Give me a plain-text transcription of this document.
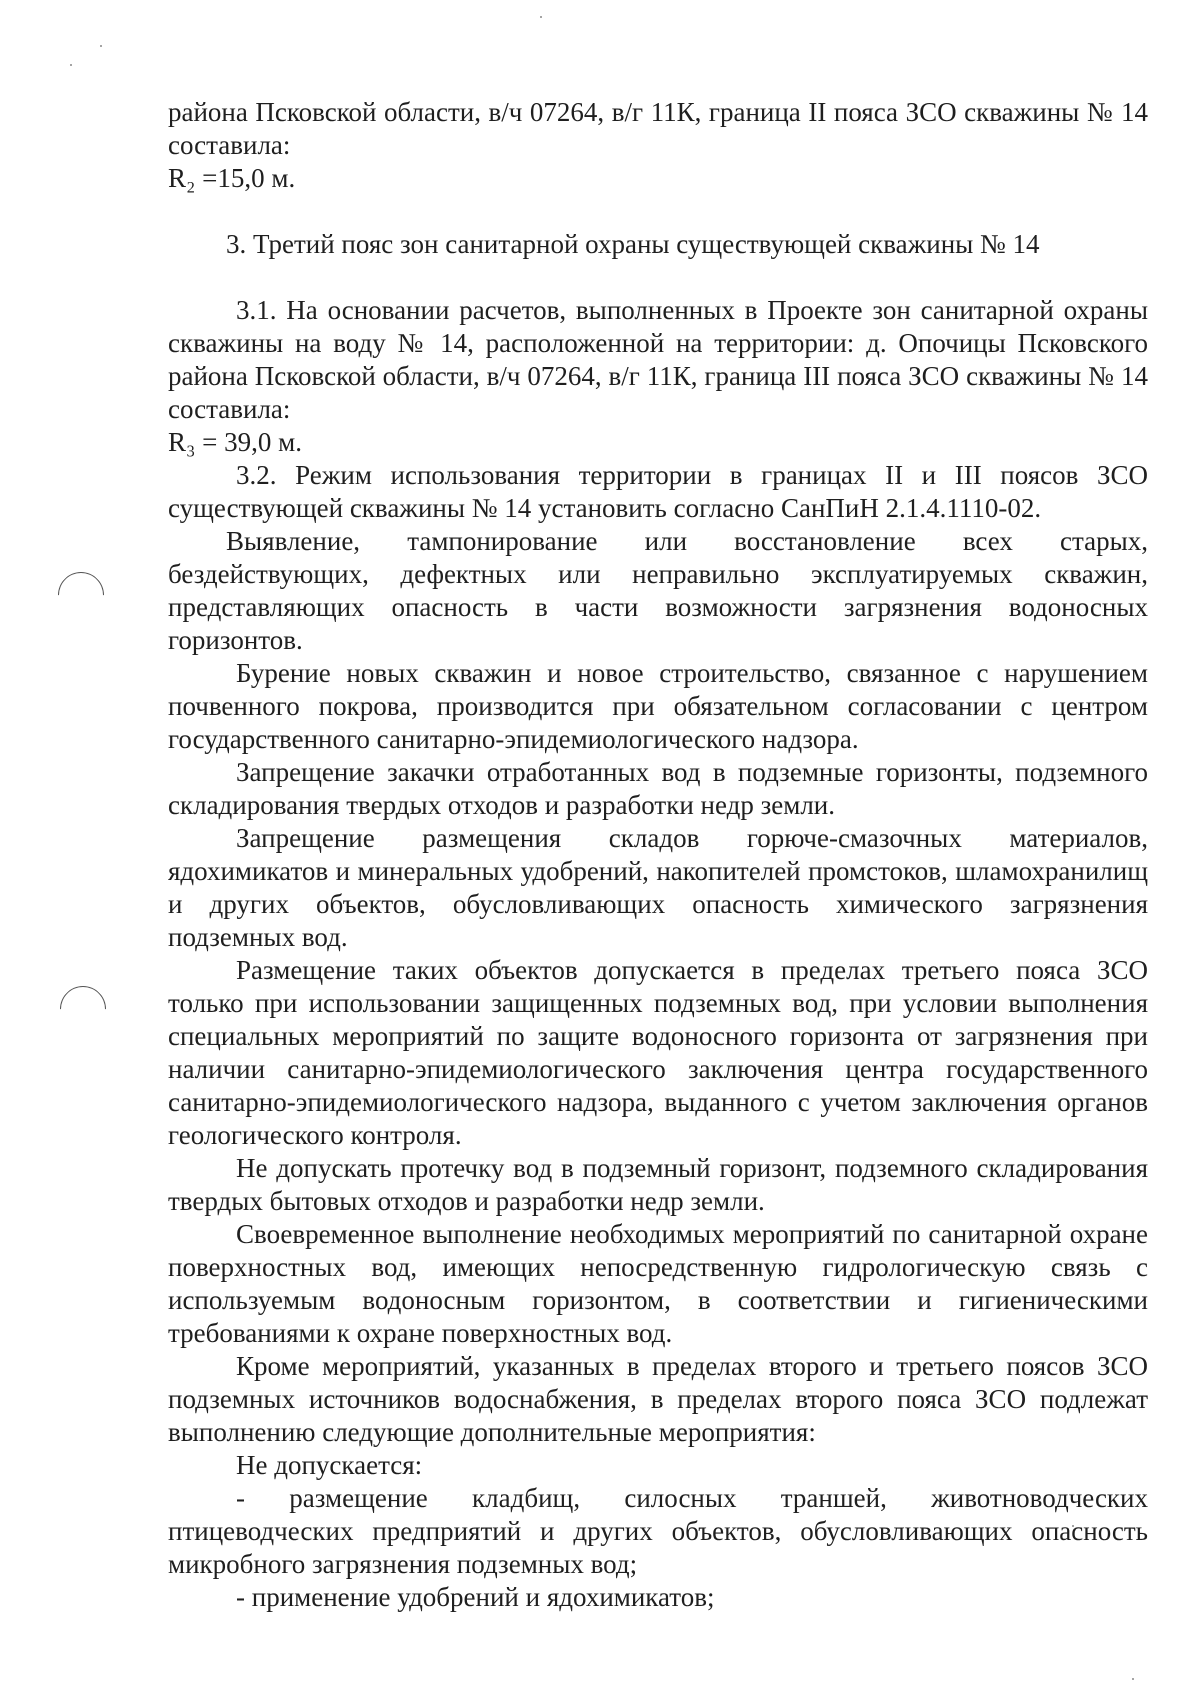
района Псковской области, в/ч 07264, в/г 11К, граница II пояса ЗСО скважины № 14 составила:

R₂ =15,0 м.

3. Третий пояс зон санитарной охраны существующей скважины № 14

3.1. На основании расчетов, выполненных в Проекте зон санитарной охраны скважины на воду № 14, расположенной на территории: д. Опочицы Псковского района Псковской области, в/ч 07264, в/г 11К, граница III пояса ЗСО скважины № 14 составила:

R₃ = 39,0 м.

3.2. Режим использования территории в границах II и III поясов ЗСО существующей скважины № 14 установить согласно СанПиН 2.1.4.1110-02.

Выявление, тампонирование или восстановление всех старых, бездействующих, дефектных или неправильно эксплуатируемых скважин, представляющих опасность в части возможности загрязнения водоносных горизонтов.

Бурение новых скважин и новое строительство, связанное с нарушением почвенного покрова, производится при обязательном согласовании с центром государственного санитарно-эпидемиологического надзора.

Запрещение закачки отработанных вод в подземные горизонты, подземного складирования твердых отходов и разработки недр земли.

Запрещение размещения складов горюче-смазочных материалов, ядохимикатов и минеральных удобрений, накопителей промстоков, шламохранилищ и других объектов, обусловливающих опасность химического загрязнения подземных вод.

Размещение таких объектов допускается в пределах третьего пояса ЗСО только при использовании защищенных подземных вод, при условии выполнения специальных мероприятий по защите водоносного горизонта от загрязнения при наличии санитарно-эпидемиологического заключения центра государственного санитарно-эпидемиологического надзора, выданного с учетом заключения органов геологического контроля.

Не допускать протечку вод в подземный горизонт, подземного складирования твердых бытовых отходов и разработки недр земли.

Своевременное выполнение необходимых мероприятий по санитарной охране поверхностных вод, имеющих непосредственную гидрологическую связь с используемым водоносным горизонтом, в соответствии и гигиеническими требованиями к охране поверхностных вод.

Кроме мероприятий, указанных в пределах второго и третьего поясов ЗСО подземных источников водоснабжения, в пределах второго пояса ЗСО подлежат выполнению следующие дополнительные мероприятия:

Не допускается:

- размещение кладбищ, силосных траншей, животноводческих птицеводческих предприятий и других объектов, обусловливающих опасность микробного загрязнения подземных вод;

- применение удобрений и ядохимикатов;
